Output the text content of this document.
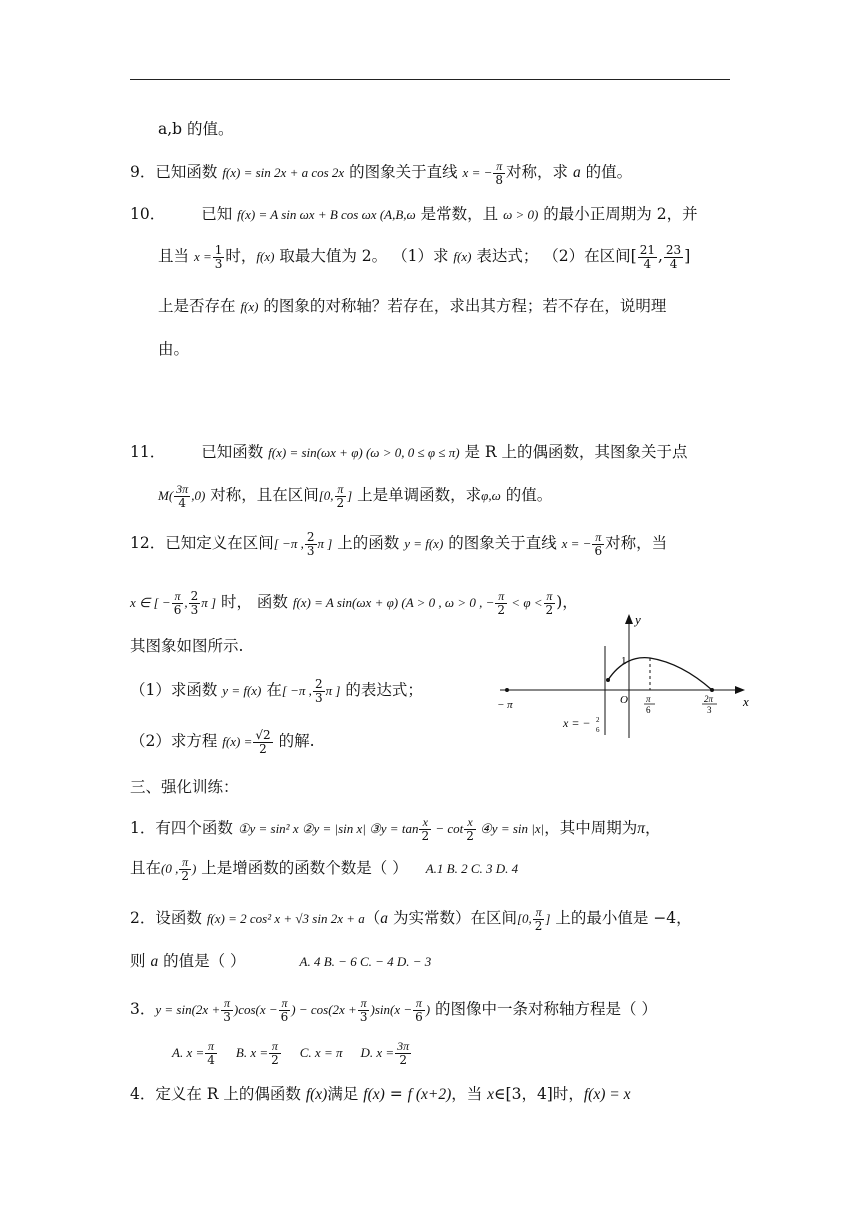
a,b 的值。
9．已知函数 f(x) = sin 2x + a cos 2x 的图象关于直线 x = − $\frac{\pi}{8}$ 对称，求 a 的值。
10． 已知 f(x) = A sin ωx + B cos ωx (A,B,ω 是常数，且 ω > 0) 的最小正周期为 2，并
且当 $x = \frac{1}{3}$ 时，f(x) 取最大值为 2。 （1）求 f(x) 表达式； （2）在区间[ $\frac{21}{4}$ , $\frac{23}{4}$ ]
上是否存在 f(x) 的图象的对称轴？若存在，求出其方程；若不存在，说明理
由。
11． 已知函数 f(x) = sin(ωx + φ) (ω > 0, 0 ≤ φ ≤ π) 是 R 上的偶函数，其图象关于点
$M( \frac{3\pi}{4} ,0)$ 对称，且在区间[0, $\frac{\pi}{2}$ ] 上是单调函数，求φ,ω 的值。
12．已知定义在区间[ −π , $\frac{2}{3}$ π ] 上的函数 y = f(x) 的图象关于直线 x = − $\frac{\pi}{6}$ 对称，当
x ∈ [ − $\frac{\pi}{6}$ , $\frac{2}{3}$ π ] 时， 函数 f(x) = A sin(ωx + φ) (A > 0 , ω > 0 , − $\frac{\pi}{2} < \varphi < \frac{\pi}{2}$ )，
其图象如图所示.
（1）求函数 y = f(x) 在[ −π , $\frac{2}{3}$ π ] 的表达式；
（2）求方程 $f(x) = \frac{√2}{2}$ 的解.
y
x
O
− π
1
π
6
2π
3
x = − 2
6
三、强化训练：
1．有四个函数 ①y = sin² x ②y = |sin x| ③y = $\tan \frac{x}{2} - \cot \frac{x}{2}$ ④y = sin |x|，其中周期为π，
且在(0 , $\frac{\pi}{2}$ ) 上是增函数的函数个数是（ ） A.1 B. 2 C. 3 D. 4
2．设函数 f(x) = 2 cos² x + √3 sin 2x + a（a 为实常数）在区间[0, $\frac{\pi}{2}$ ] 上的最小值是 −4，
则 a 的值是（ ）	A. 4 B. − 6 C. − 4 D. − 3
3．$y = \sin(2x + \frac{\pi}{3} )\cos(x - \frac{\pi}{6}$ ) − $\cos(2x + \frac{\pi}{3} )\sin(x - \frac{\pi}{6}$ ) 的图像中一条对称轴方程是（ ）
A. $x = \frac{\pi}{4} B$. $x = \frac{\pi}{2} C$. x = π D. $x = \frac{3\pi}{2}$
4．定义在 R 上的偶函数 f(x)满足 f(x) = f (x+2)，当 x∈[3，4]时，f(x) = x
